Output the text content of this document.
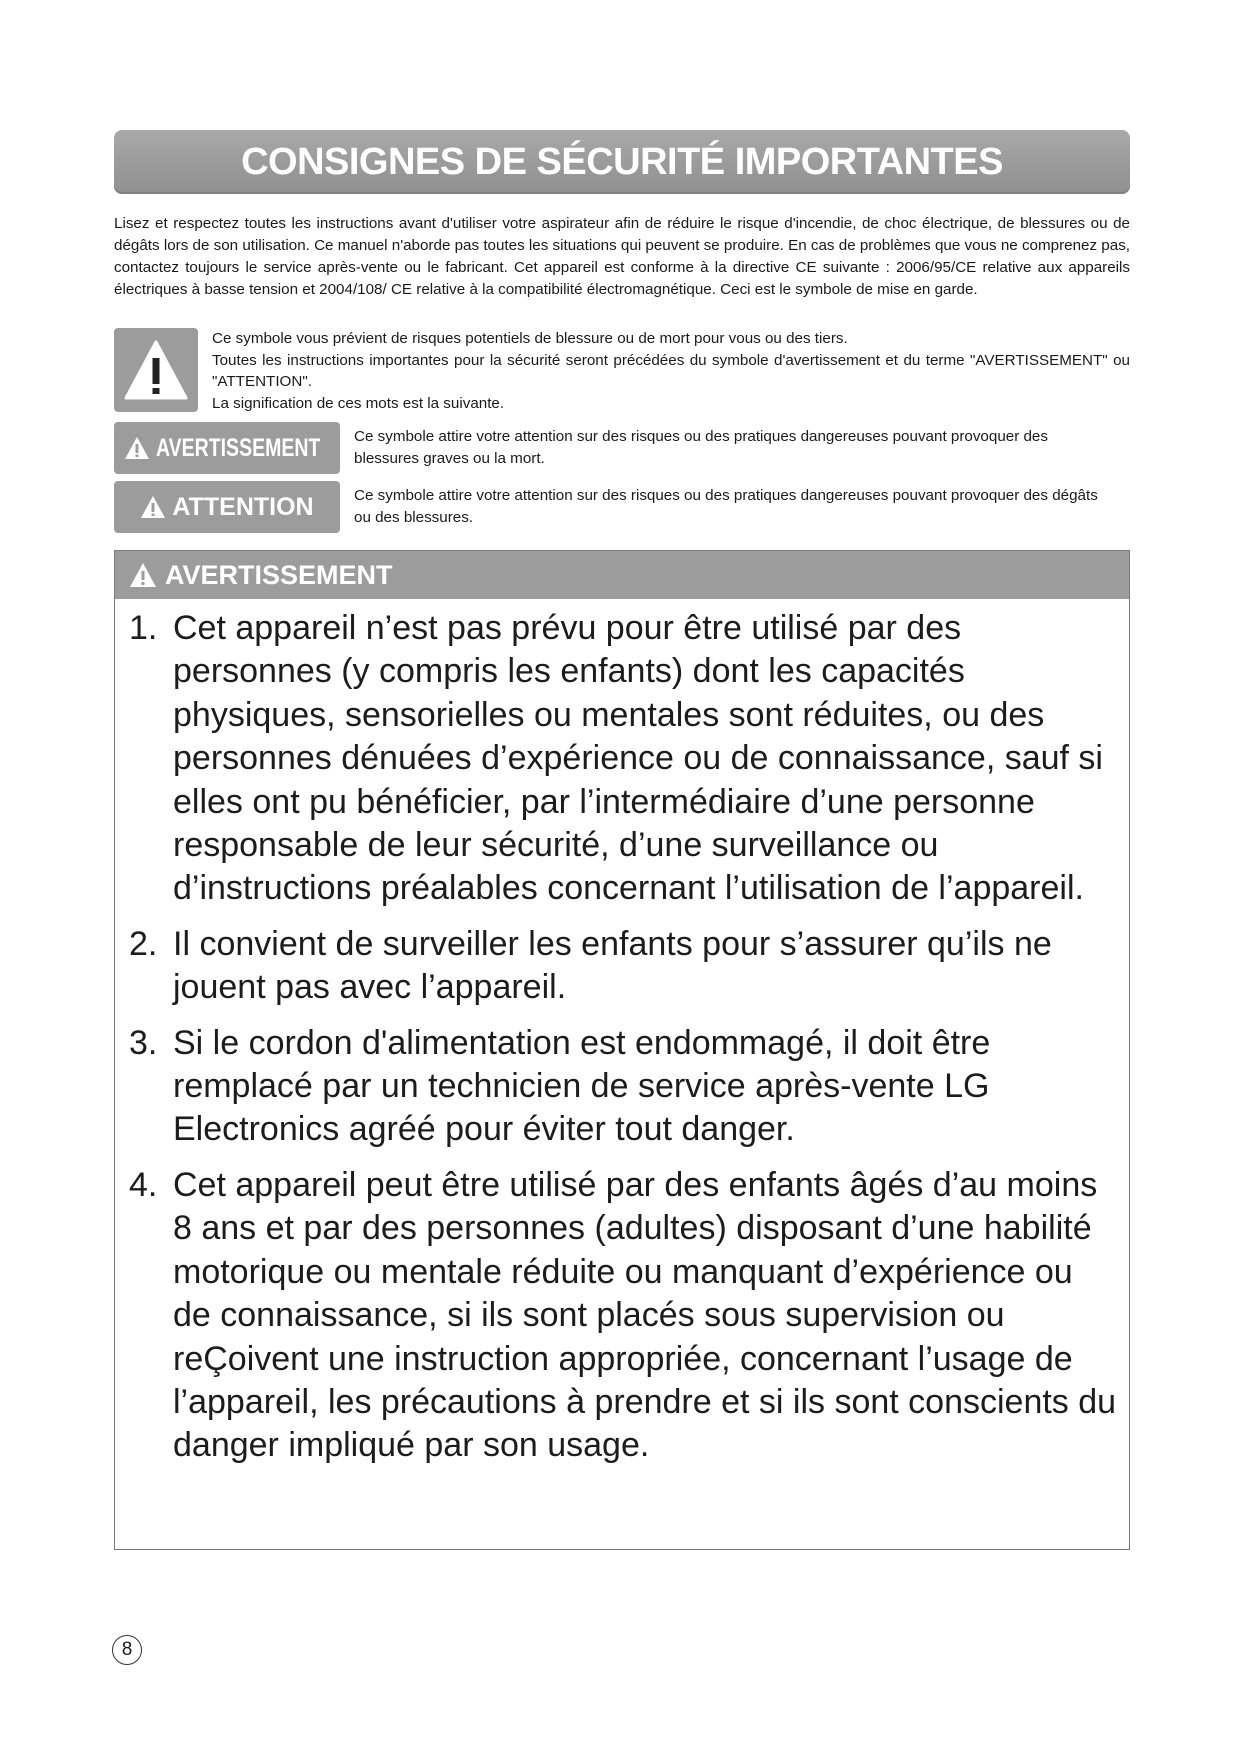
CONSIGNES DE SÉCURITÉ IMPORTANTES

Lisez et respectez toutes les instructions avant d'utiliser votre aspirateur afin de réduire le risque d'incendie, de choc électrique, de blessures ou de dégâts lors de son utilisation. Ce manuel n'aborde pas toutes les situations qui peuvent se produire. En cas de problèmes que vous ne comprenez pas, contactez toujours le service après-vente ou le fabricant. Cet appareil est conforme à la directive CE suivante : 2006/95/CE relative aux appareils électriques à basse tension et 2004/108/ CE relative à la compatibilité électromagnétique. Ceci est le symbole de mise en garde.

Ce symbole vous prévient de risques potentiels de blessure ou de mort pour vous ou des tiers.
Toutes les instructions importantes pour la sécurité seront précédées du symbole d'avertissement et du terme "AVERTISSEMENT" ou "ATTENTION".
La signification de ces mots est la suivante.
AVERTISSEMENT Ce symbole attire votre attention sur des risques ou des pratiques dangereuses pouvant provoquer des blessures graves ou la mort.

ATTENTION	Ce symbole attire votre attention sur des risques ou des pratiques dangereuses pouvant provoquer des dégâts ou des blessures.

AVERTISSEMENT
1. Cet appareil n’est pas prévu pour être utilisé par des personnes (y compris les enfants) dont les capacités physiques, sensorielles ou mentales sont réduites, ou des personnes dénuées d’expérience ou de connaissance, sauf si elles ont pu bénéficier, par l’intermédiaire d’une personne responsable de leur sécurité, d’une surveillance ou d’instructions préalables concernant l’utilisation de l’appareil.
2. Il convient de surveiller les enfants pour s’assurer qu’ils ne jouent pas avec l’appareil.
3. Si le cordon d'alimentation est endommagé, il doit être remplacé par un technicien de service après-vente LG Electronics agréé pour éviter tout danger.
4. Cet appareil peut être utilisé par des enfants âgés d’au moins 8 ans et par des personnes (adultes) disposant d’une habilité motorique ou mentale réduite ou manquant d’expérience ou de connaissance, si ils sont placés sous supervision ou reÇoivent une instruction appropriée, concernant l’usage de l’appareil, les précautions à prendre et si ils sont conscients du danger impliqué par son usage.
8
